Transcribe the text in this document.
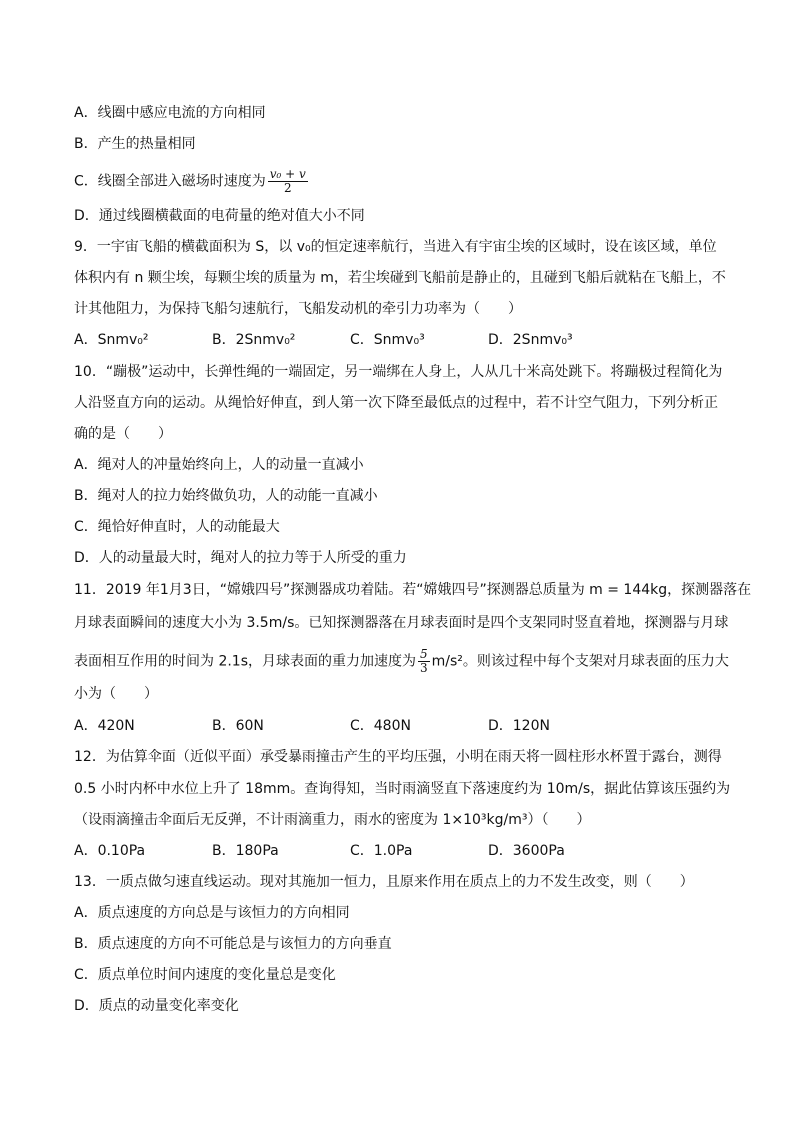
A．线圈中感应电流的方向相同
B．产生的热量相同
C．线圈全部进入磁场时速度为 $\frac{\text{v₀ + v}}{2}$
D．通过线圈横截面的电荷量的绝对值大小不同
9．一宇宙飞船的横截面积为 S，以 v₀的恒定速率航行，当进入有宇宙尘埃的区域时，设在该区域，单位
体积内有 n 颗尘埃，每颗尘埃的质量为 m，若尘埃碰到飞船前是静止的，且碰到飞船后就粘在飞船上，不
计其他阻力，为保持飞船匀速航行，飞船发动机的牵引力功率为（　　）
A．Snmv₀²	B．2Snmv₀²	C．Snmv₀³	D．2Snmv₀³
10．“蹦极”运动中，长弹性绳的一端固定，另一端绑在人身上，人从几十米高处跳下。将蹦极过程简化为
人沿竖直方向的运动。从绳恰好伸直，到人第一次下降至最低点的过程中，若不计空气阻力，下列分析正
确的是（　　）
A．绳对人的冲量始终向上，人的动量一直减小
B．绳对人的拉力始终做负功，人的动能一直减小
C．绳恰好伸直时，人的动能最大
D．人的动量最大时，绳对人的拉力等于人所受的重力
11．2019 年1月3日，“嫦娥四号”探测器成功着陆。若“嫦娥四号”探测器总质量为 m = 144kg，探测器落在
月球表面瞬间的速度大小为 3.5m/s。已知探测器落在月球表面时是四个支架同时竖直着地，探测器与月球
表面相互作用的时间为 2.1s，月球表面的重力加速度为 $\frac{5}{3} m/s^2$。则该过程中每个支架对月球表面的压力大
小为（　　）
A．420N	B．60N	C．480N	D．120N
12．为估算伞面（近似平面）承受暴雨撞击产生的平均压强，小明在雨天将一圆柱形水杯置于露台，测得
0.5 小时内杯中水位上升了 18mm。查询得知，当时雨滴竖直下落速度约为 10m/s，据此估算该压强约为
（设雨滴撞击伞面后无反弹，不计雨滴重力，雨水的密度为 1×10³kg/m³）（　　）
A．0.10Pa	B．180Pa	C．1.0Pa	D．3600Pa
13．一质点做匀速直线运动。现对其施加一恒力，且原来作用在质点上的力不发生改变，则（　　）
A．质点速度的方向总是与该恒力的方向相同
B．质点速度的方向不可能总是与该恒力的方向垂直
C．质点单位时间内速度的变化量总是变化
D．质点的动量变化率变化
